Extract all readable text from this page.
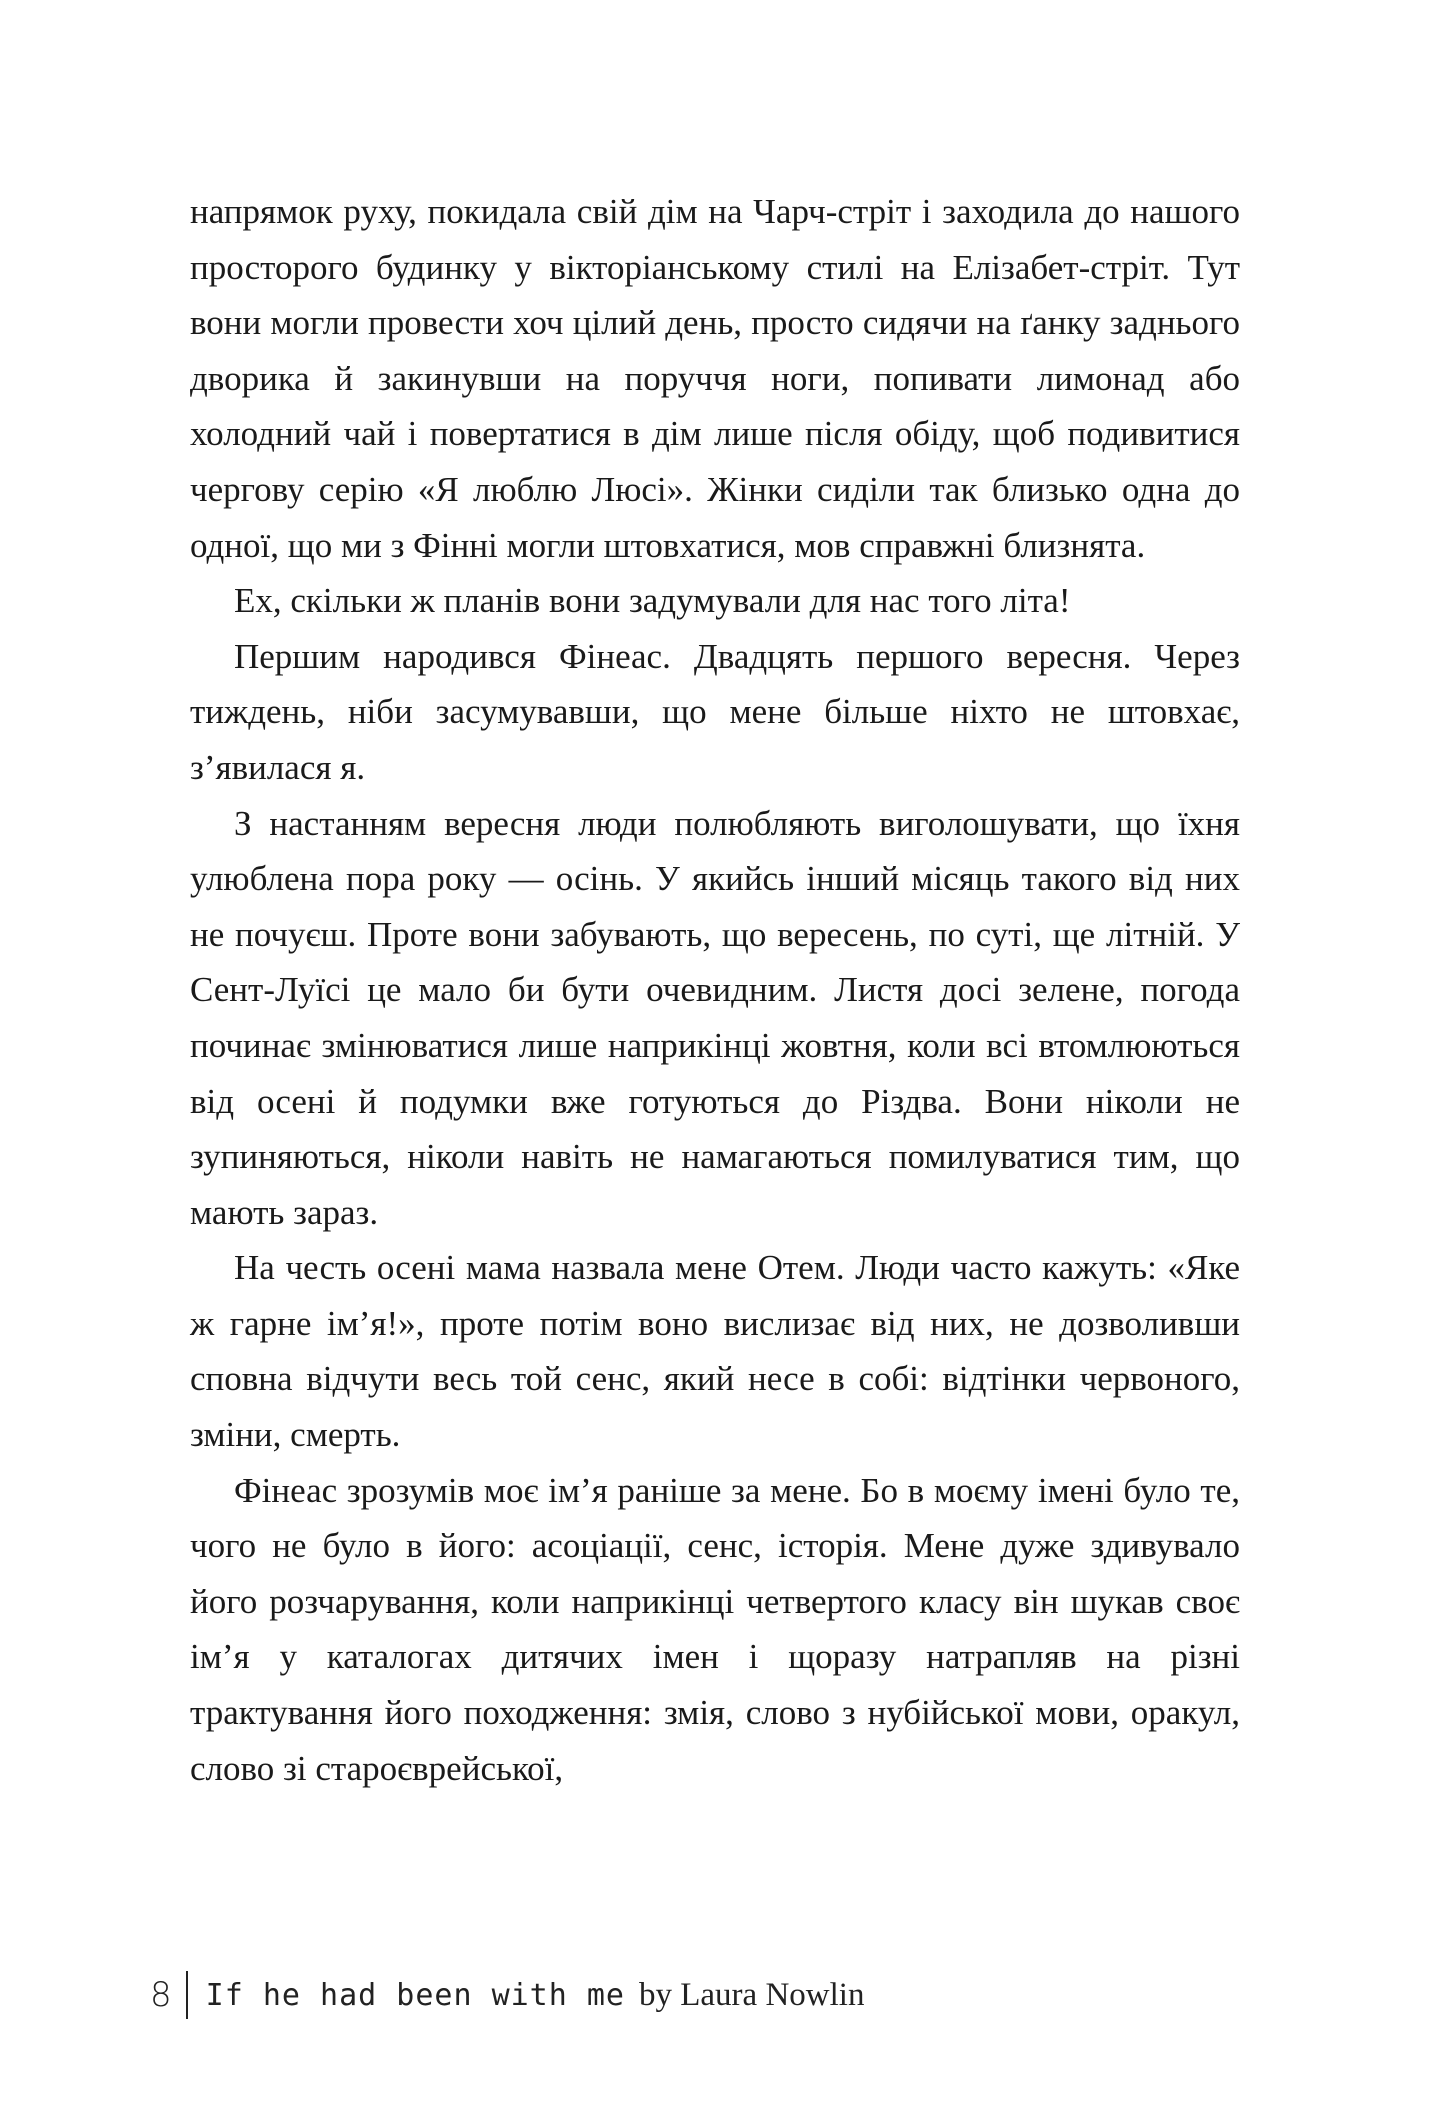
напрямок руху, покидала свій дім на Чарч-стріт і заходила до нашого просторого будинку у вікторіанському стилі на Елізабет-стріт. Тут вони могли провести хоч цілий день, просто сидячи на ґанку заднього дворика й закинувши на поруччя ноги, попивати лимонад або холодний чай і повертатися в дім лише після обіду, щоб подивитися чергову серію «Я люблю Люсі». Жінки сиділи так близько одна до одної, що ми з Фінні могли штовхатися, мов справжні близнята.

Ех, скільки ж планів вони задумували для нас того літа!

Першим народився Фінеас. Двадцять першого вересня. Через тиждень, ніби засумувавши, що мене більше ніхто не штовхає, з’явилася я.

З настанням вересня люди полюбляють виголошувати, що їхня улюблена пора року — осінь. У якийсь інший місяць такого від них не почуєш. Проте вони забувають, що вересень, по суті, ще літній. У Сент-Луїсі це мало би бути очевидним. Листя досі зелене, погода починає змінюватися лише наприкінці жовтня, коли всі втомлюються від осені й подумки вже готуються до Різдва. Вони ніколи не зупиняються, ніколи навіть не намагаються помилуватися тим, що мають зараз.

На честь осені мама назвала мене Отем. Люди часто кажуть: «Яке ж гарне ім’я!», проте потім воно вислизає від них, не дозволивши сповна відчути весь той сенс, який несе в собі: відтінки червоного, зміни, смерть.

Фінеас зрозумів моє ім’я раніше за мене. Бо в моєму імені було те, чого не було в його: асоціації, сенс, історія. Мене дуже здивувало його розчарування, коли наприкінці четвертого класу він шукав своє ім’я у каталогах дитячих імен і щоразу натрапляв на різні трактування його походження: змія, слово з нубійської мови, оракул, слово зі староєврейської,

8 If he had been with me by Laura Nowlin
